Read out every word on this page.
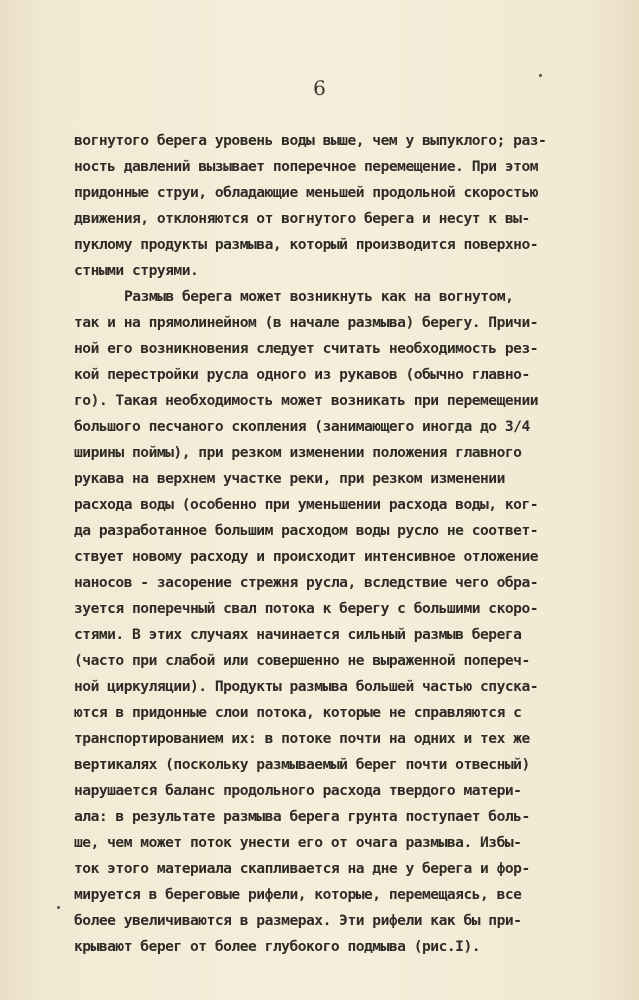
6
вогнутого берега уровень воды выше, чем у выпуклого; раз-
ность давлений вызывает поперечное перемещение. При этом
придонные струи, обладающие меньшей продольной скоростью
движения, отклоняются от вогнутого берега и несут к вы-
пуклому продукты размыва, который производится поверхно-
стными струями.
Размыв берега может возникнуть как на вогнутом,
так и на прямолинейном (в начале размыва) берегу. Причи-
ной его возникновения следует считать необходимость рез-
кой перестройки русла одного из рукавов (обычно главно-
го). Такая необходимость может возникать при перемещении
большого песчаного скопления (занимающего иногда до 3/4
ширины поймы), при резком изменении положения главного
рукава на верхнем участке реки, при резком изменении
расхода воды (особенно при уменьшении расхода воды, ког-
да разработанное большим расходом воды русло не соответ-
ствует новому расходу и происходит интенсивное отложение
наносов - засорение стрежня русла, вследствие чего обра-
зуется поперечный свал потока к берегу с большими скоро-
стями. В этих случаях начинается сильный размыв берега
(часто при слабой или совершенно не выраженной попереч-
ной циркуляции). Продукты размыва большей частью спуска-
ются в придонные слои потока, которые не справляются с
транспортированием их: в потоке почти на одних и тех же
вертикалях (поскольку размываемый берег почти отвесный)
нарушается баланс продольного расхода твердого матери-
ала: в результате размыва берега грунта поступает боль-
ше, чем может поток унести его от очага размыва. Избы-
ток этого материала скапливается на дне у берега и фор-
мируется в береговые рифели, которые, перемещаясь, все
более увеличиваются в размерах. Эти рифели как бы при-
крывают берег от более глубокого подмыва (рис.I).
